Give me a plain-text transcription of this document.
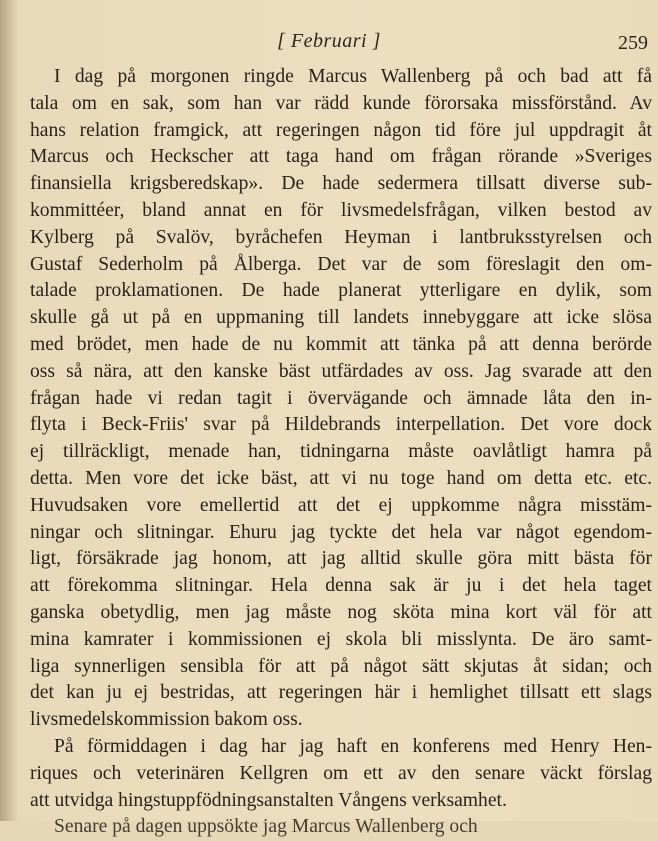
[ Februari ]	259
I dag på morgonen ringde Marcus Wallenberg på och bad att få
tala om en sak, som han var rädd kunde förorsaka missförstånd. Av
hans relation framgick, att regeringen någon tid före jul uppdragit åt
Marcus och Heckscher att taga hand om frågan rörande »Sveriges
finansiella krigsberedskap». De hade sedermera tillsatt diverse sub-
kommittéer, bland annat en för livsmedelsfrågan, vilken bestod av
Kylberg på Svalöv, byråchefen Heyman i lantbruksstyrelsen och
Gustaf Sederholm på Ålberga. Det var de som föreslagit den om-
talade proklamationen. De hade planerat ytterligare en dylik, som
skulle gå ut på en uppmaning till landets innebyggare att icke slösa
med brödet, men hade de nu kommit att tänka på att denna berörde
oss så nära, att den kanske bäst utfärdades av oss. Jag svarade att den
frågan hade vi redan tagit i övervägande och ämnade låta den in-
flyta i Beck-Friis' svar på Hildebrands interpellation. Det vore dock
ej tillräckligt, menade han, tidningarna måste oavlåtligt hamra på
detta. Men vore det icke bäst, att vi nu toge hand om detta etc. etc.
Huvudsaken vore emellertid att det ej uppkomme några misstäm-
ningar och slitningar. Ehuru jag tyckte det hela var något egendom-
ligt, försäkrade jag honom, att jag alltid skulle göra mitt bästa för
att förekomma slitningar. Hela denna sak är ju i det hela taget
ganska obetydlig, men jag måste nog sköta mina kort väl för att
mina kamrater i kommissionen ej skola bli misslynta. De äro samt-
liga synnerligen sensibla för att på något sätt skjutas åt sidan; och
det kan ju ej bestridas, att regeringen här i hemlighet tillsatt ett slags
livsmedelskommission bakom oss.
På förmiddagen i dag har jag haft en konferens med Henry Hen-
riques och veterinären Kellgren om ett av den senare väckt förslag
att utvidga hingstuppfödningsanstalten Vångens verksamhet.
Senare på dagen uppsökte jag Marcus Wallenberg och
